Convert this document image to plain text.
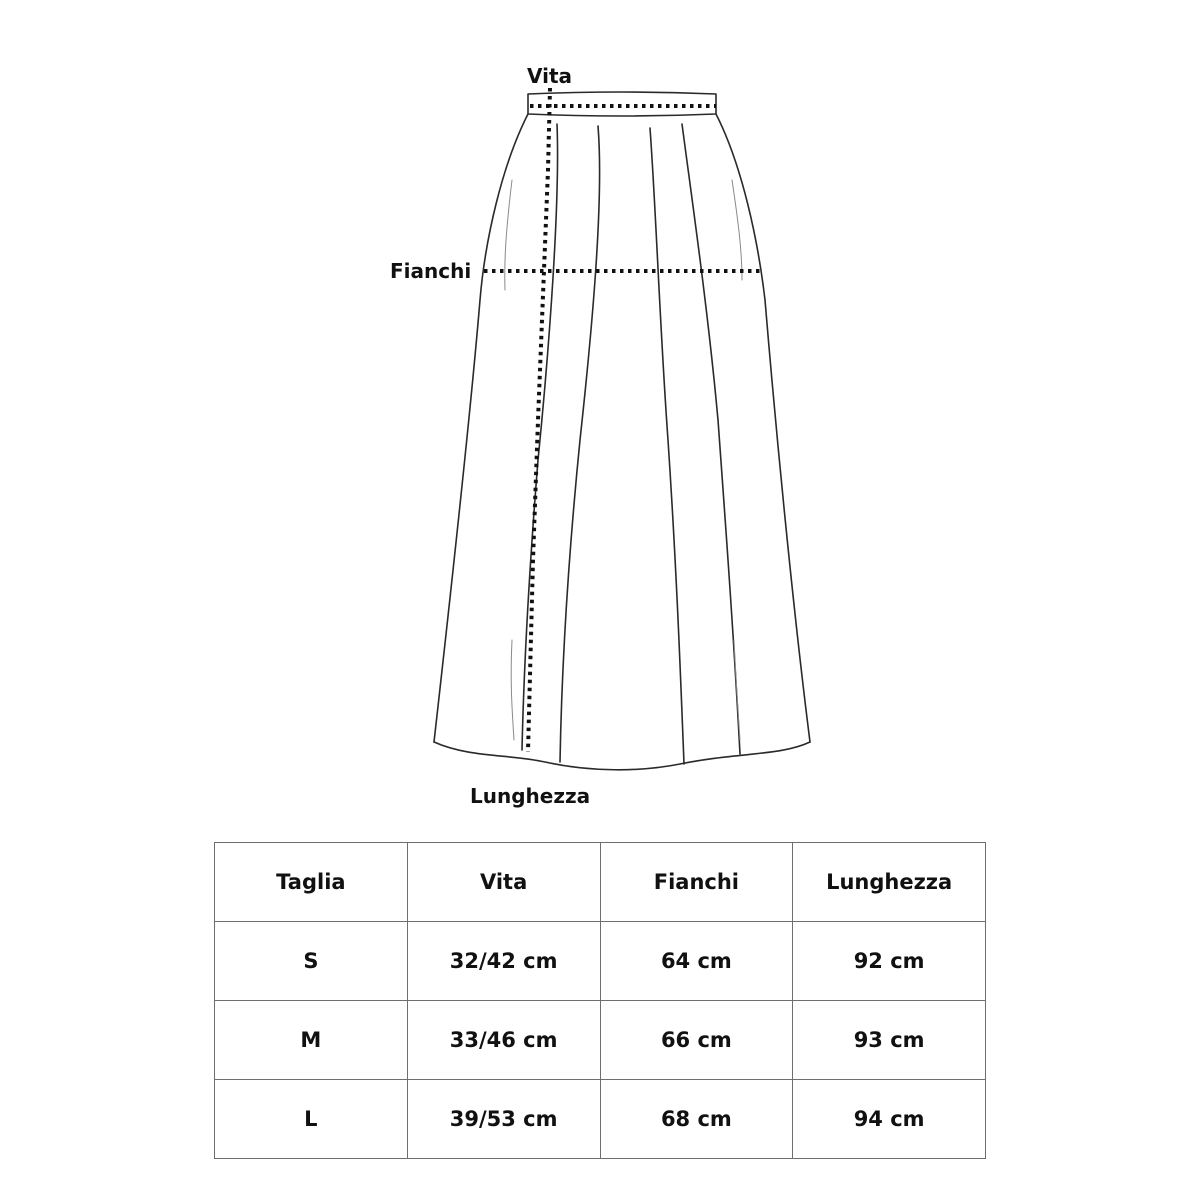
Vita
Fianchi
Lunghezza
Taglia	Vita	Fianchi	Lunghezza
S	32/42 cm	64 cm	92 cm
M	33/46 cm	66 cm	93 cm
L	39/53 cm	68 cm	94 cm
